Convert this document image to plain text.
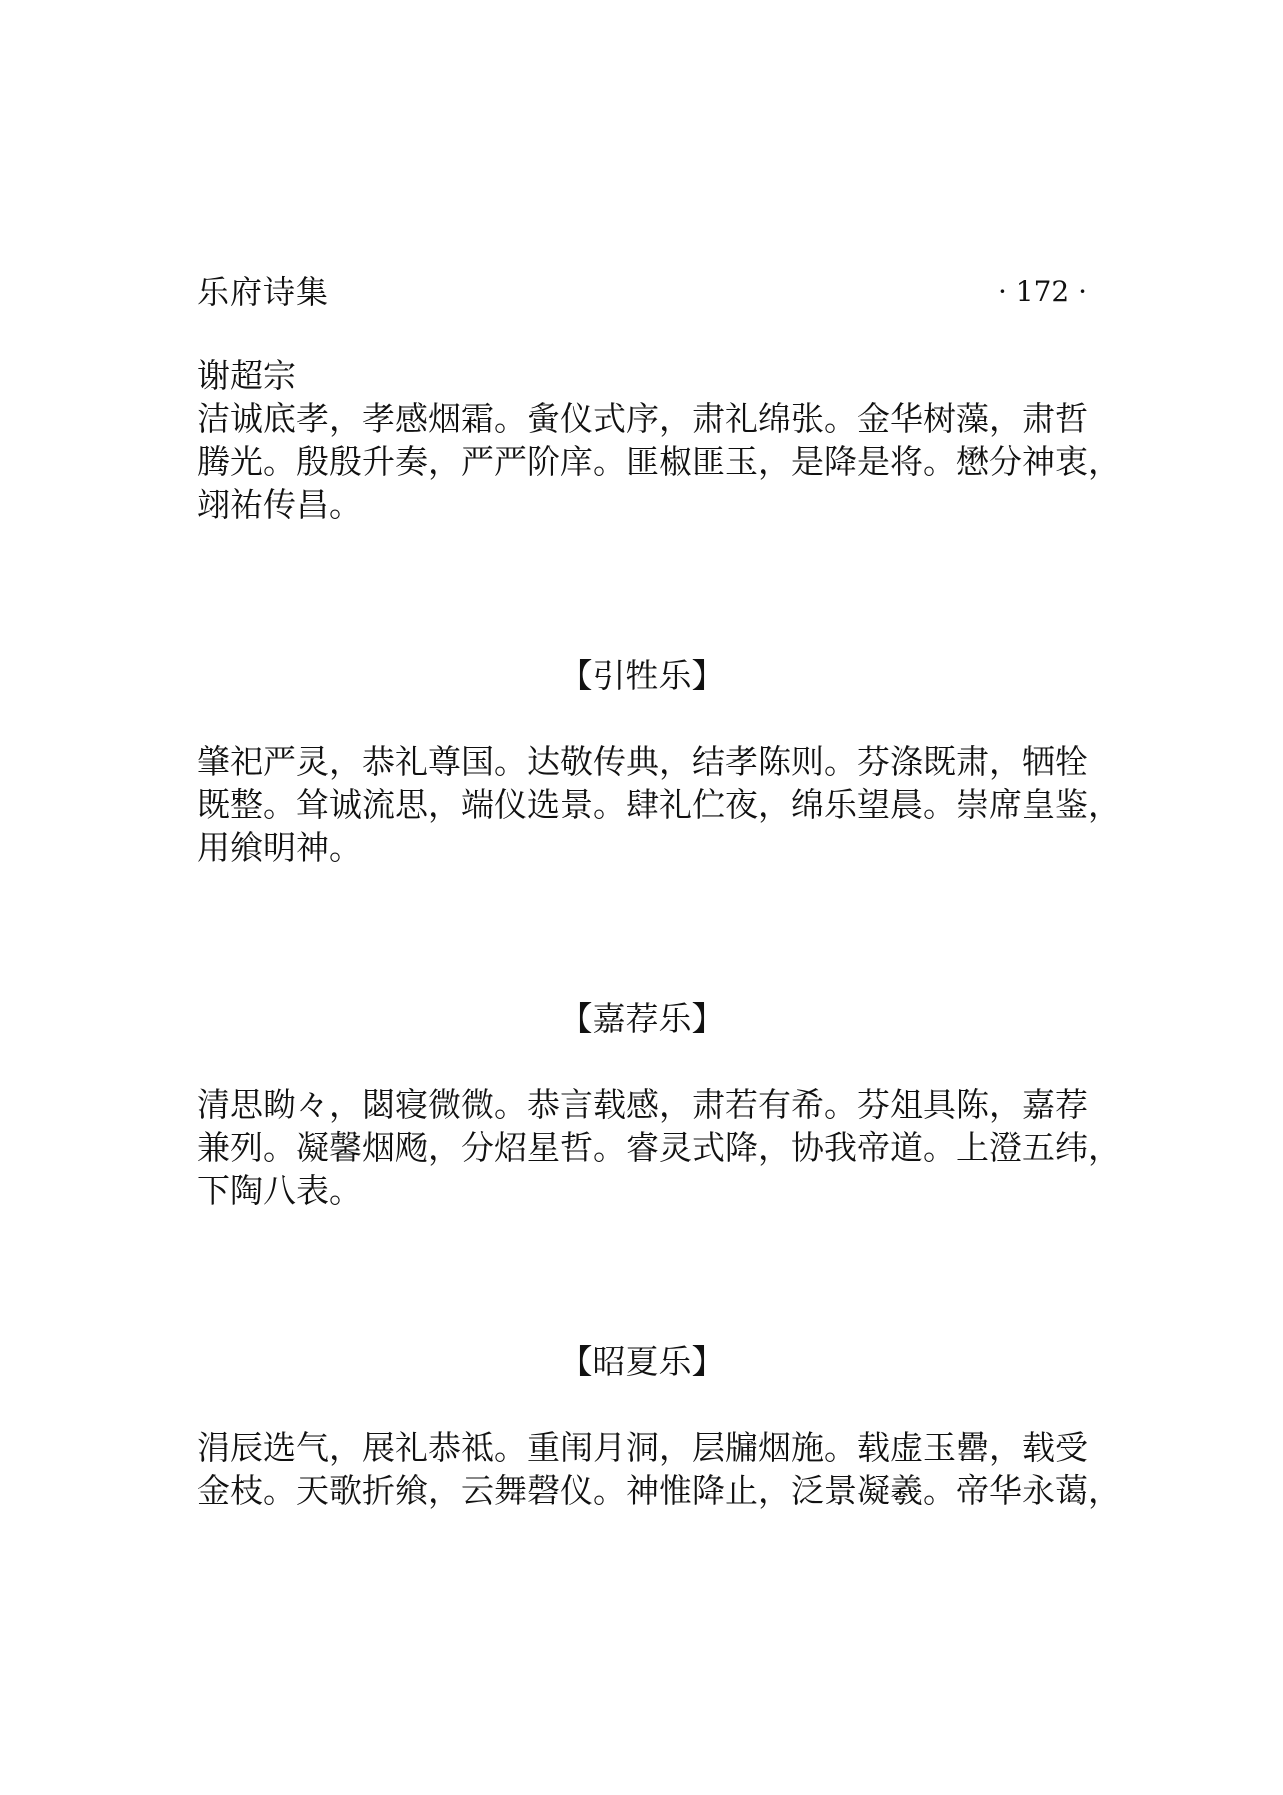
乐府诗集	· 172 ·
谢超宗
洁诚底孝，孝感烟霜。夤仪式序，肃礼绵张。金华树藻，肃哲
腾光。殷殷升奏，严严阶庠。匪椒匪玉，是降是将。懋分神衷，
翊祐传昌。
【引牲乐】
肇祀严灵，恭礼尊国。达敬传典，结孝陈则。芬涤既肃，牺牷
既整。耸诚流思，端仪选景。肆礼伫夜，绵乐望晨。崇席皇鉴，
用飨明神。
【嘉荐乐】
清思眑々，閟寝微微。恭言载感，肃若有希。芬俎具陈，嘉荐
兼列。凝馨烟飏，分炤星哲。睿灵式降，协我帝道。上澄五纬，
下陶八表。
【昭夏乐】
涓辰选气，展礼恭祗。重闱月洞，层牖烟施。载虚玉罍，载受
金枝。天歌折飨，云舞磬仪。神惟降止，泛景凝羲。帝华永蔼，
